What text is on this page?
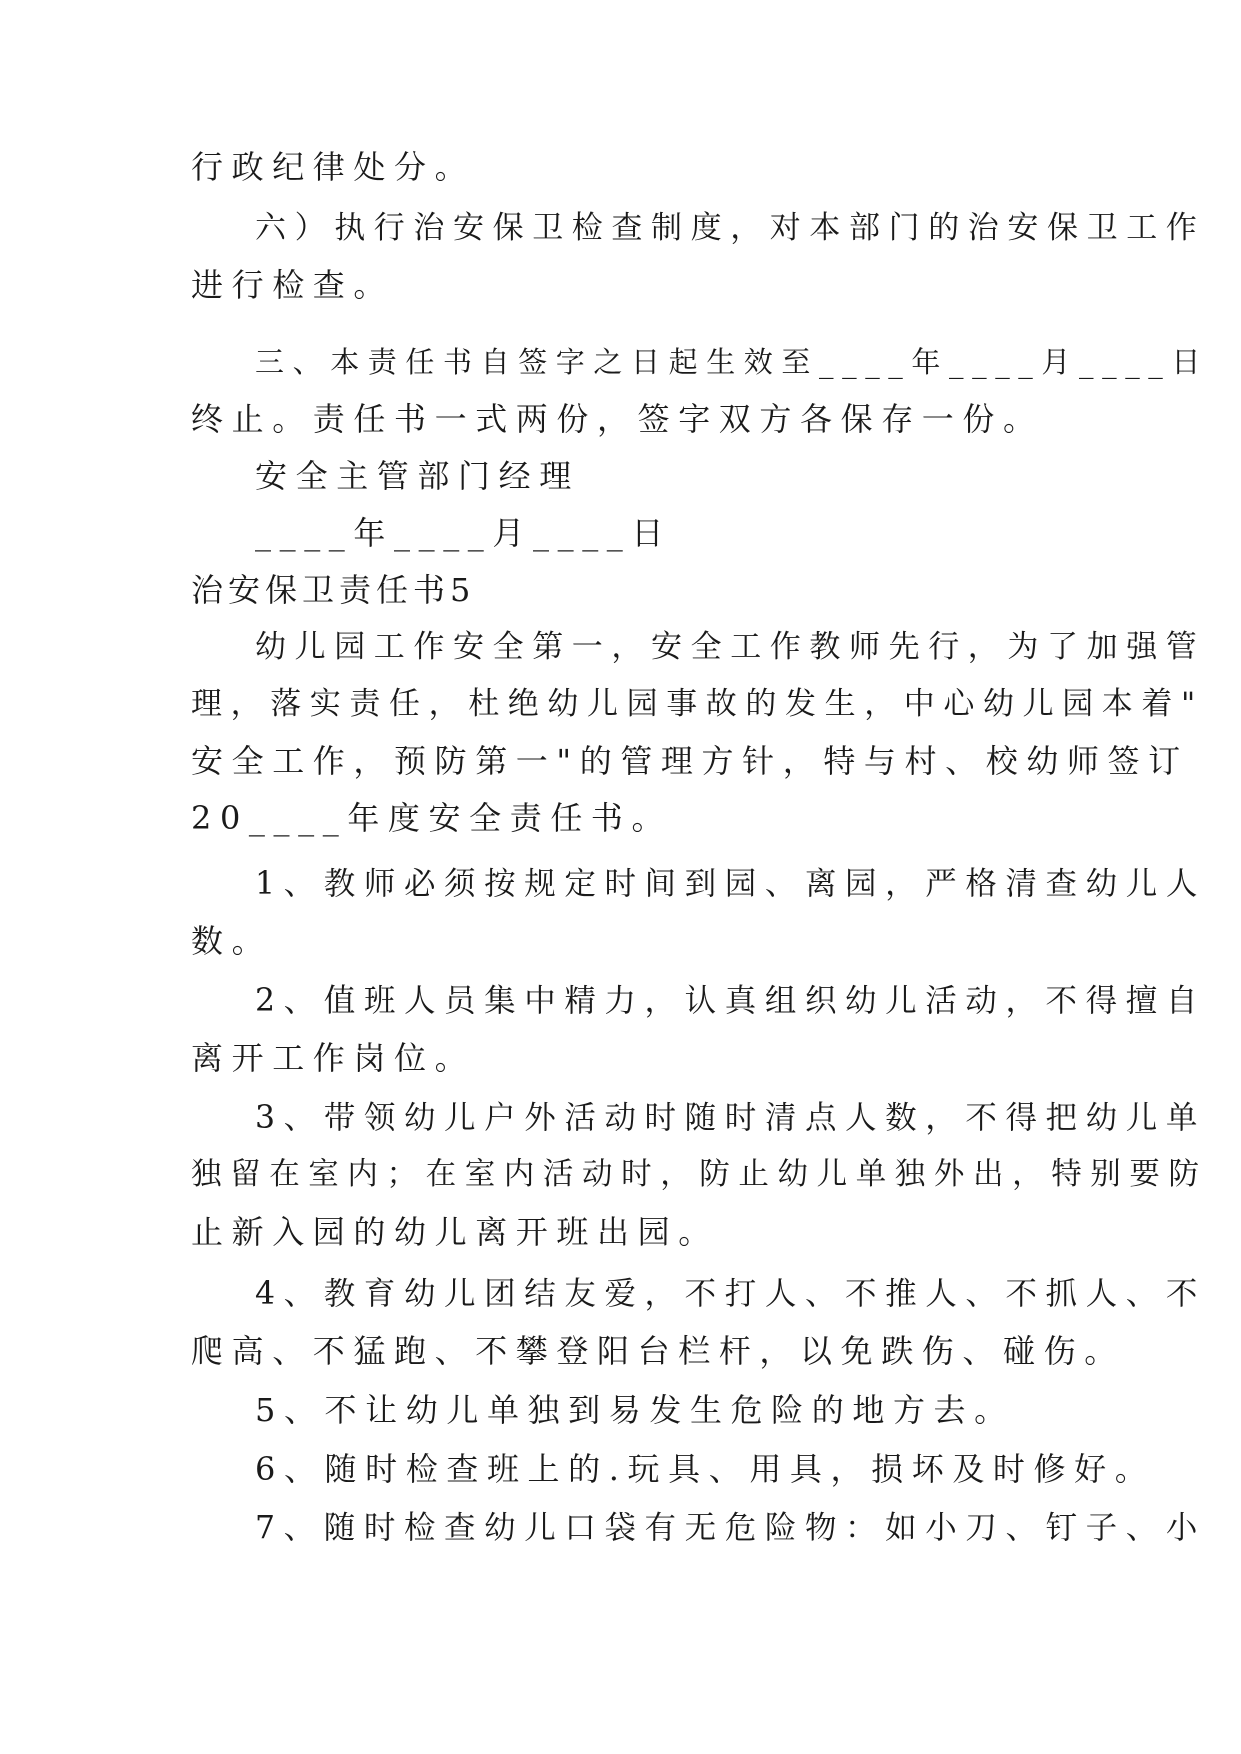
行政纪律处分。
六）执行治安保卫检查制度，对本部门的治安保卫工作
进行检查。
三、本责任书自签字之日起生效至____年____月____日
终止。责任书一式两份，签字双方各保存一份。
安全主管部门经理
____年____月____日
治安保卫责任书5
幼儿园工作安全第一，安全工作教师先行，为了加强管
理，落实责任，杜绝幼儿园事故的发生，中心幼儿园本着"
安全工作，预防第一"的管理方针，特与村、校幼师签订
20____年度安全责任书。
1、教师必须按规定时间到园、离园，严格清查幼儿人
数。
2、值班人员集中精力，认真组织幼儿活动，不得擅自
离开工作岗位。
3、带领幼儿户外活动时随时清点人数，不得把幼儿单
独留在室内；在室内活动时，防止幼儿单独外出，特别要防
止新入园的幼儿离开班出园。
4、教育幼儿团结友爱，不打人、不推人、不抓人、不
爬高、不猛跑、不攀登阳台栏杆，以免跌伤、碰伤。
5、不让幼儿单独到易发生危险的地方去。
6、随时检查班上的.玩具、用具，损坏及时修好。
7、随时检查幼儿口袋有无危险物：如小刀、钉子、小
